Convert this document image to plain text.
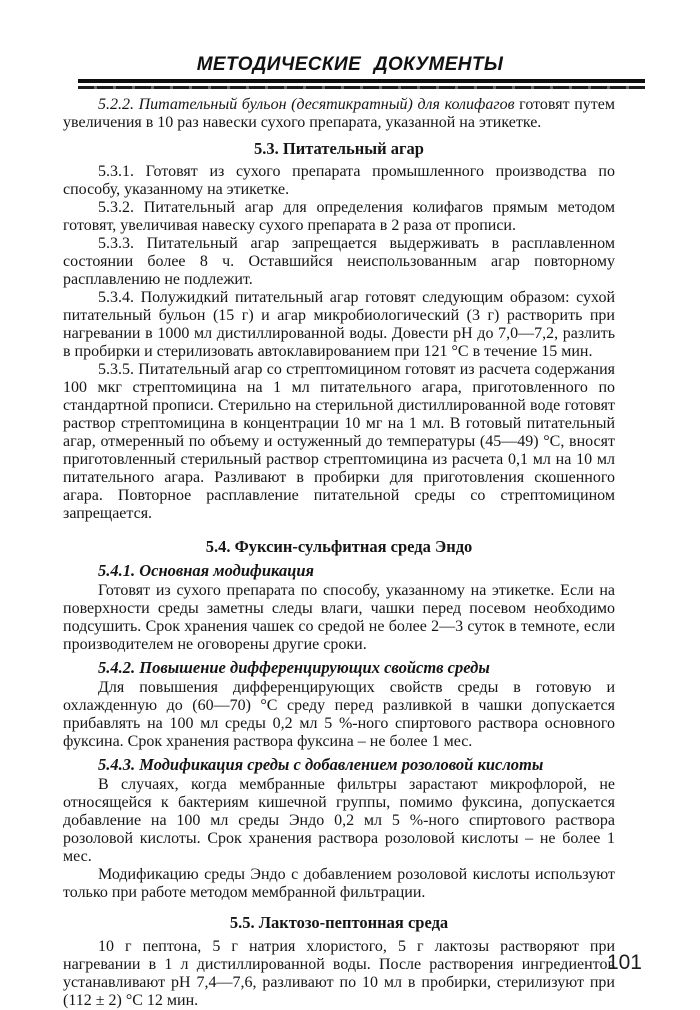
МЕТОДИЧЕСКИЕ ДОКУМЕНТЫ

5.2.2. Питательный бульон (десятикратный) для колифагов готовят путем увеличения в 10 раз навески сухого препарата, указанной на этикетке.

5.3. Питательный агар

5.3.1. Готовят из сухого препарата промышленного производства по способу, указанному на этикетке.

5.3.2. Питательный агар для определения колифагов прямым методом готовят, увеличивая навеску сухого препарата в 2 раза от прописи.

5.3.3. Питательный агар запрещается выдерживать в расплавленном состоянии более 8 ч. Оставшийся неиспользованным агар повторному расплавлению не подлежит.

5.3.4. Полужидкий питательный агар готовят следующим образом: сухой питательный бульон (15 г) и агар микробиологический (3 г) растворить при нагревании в 1000 мл дистиллированной воды. Довести рН до 7,0—7,2, разлить в пробирки и стерилизовать автоклавированием при 121 °С в течение 15 мин.

5.3.5. Питательный агар со стрептомицином готовят из расчета содержания 100 мкг стрептомицина на 1 мл питательного агара, приготовленного по стандартной прописи. Стерильно на стерильной дистиллированной воде готовят раствор стрептомицина в концентрации 10 мг на 1 мл. В готовый питательный агар, отмеренный по объему и остуженный до температуры (45—49) °С, вносят приготовленный стерильный раствор стрептомицина из расчета 0,1 мл на 10 мл питательного агара. Разливают в пробирки для приготовления скошенного агара. Повторное расплавление питательной среды со стрептомицином запрещается.

5.4. Фуксин-сульфитная среда Эндо
5.4.1. Основная модификация

Готовят из сухого препарата по способу, указанному на этикетке. Если на поверхности среды заметны следы влаги, чашки перед посевом необходимо подсушить. Срок хранения чашек со средой не более 2—3 суток в темноте, если производителем не оговорены другие сроки.

5.4.2. Повышение дифференцирующих свойств среды

Для повышения дифференцирующих свойств среды в готовую и охлажденную до (60—70) °С среду перед разливкой в чашки допускается прибавлять на 100 мл среды 0,2 мл 5 %-ного спиртового раствора основного фуксина. Срок хранения раствора фуксина – не более 1 мес.

5.4.3. Модификация среды с добавлением розоловой кислоты

В случаях, когда мембранные фильтры зарастают микрофлорой, не относящейся к бактериям кишечной группы, помимо фуксина, допускается добавление на 100 мл среды Эндо 0,2 мл 5 %-ного спиртового раствора розоловой кислоты. Срок хранения раствора розоловой кислоты – не более 1 мес.

Модификацию среды Эндо с добавлением розоловой кислоты используют только при работе методом мембранной фильтрации.

5.5. Лактозо-пептонная среда

10 г пептона, 5 г натрия хлористого, 5 г лактозы растворяют при нагревании в 1 л дистиллированной воды. После растворения ингредиентов устанавливают рН 7,4—7,6, разливают по 10 мл в пробирки, стерилизуют при (112 ± 2) °С 12 мин.

101
